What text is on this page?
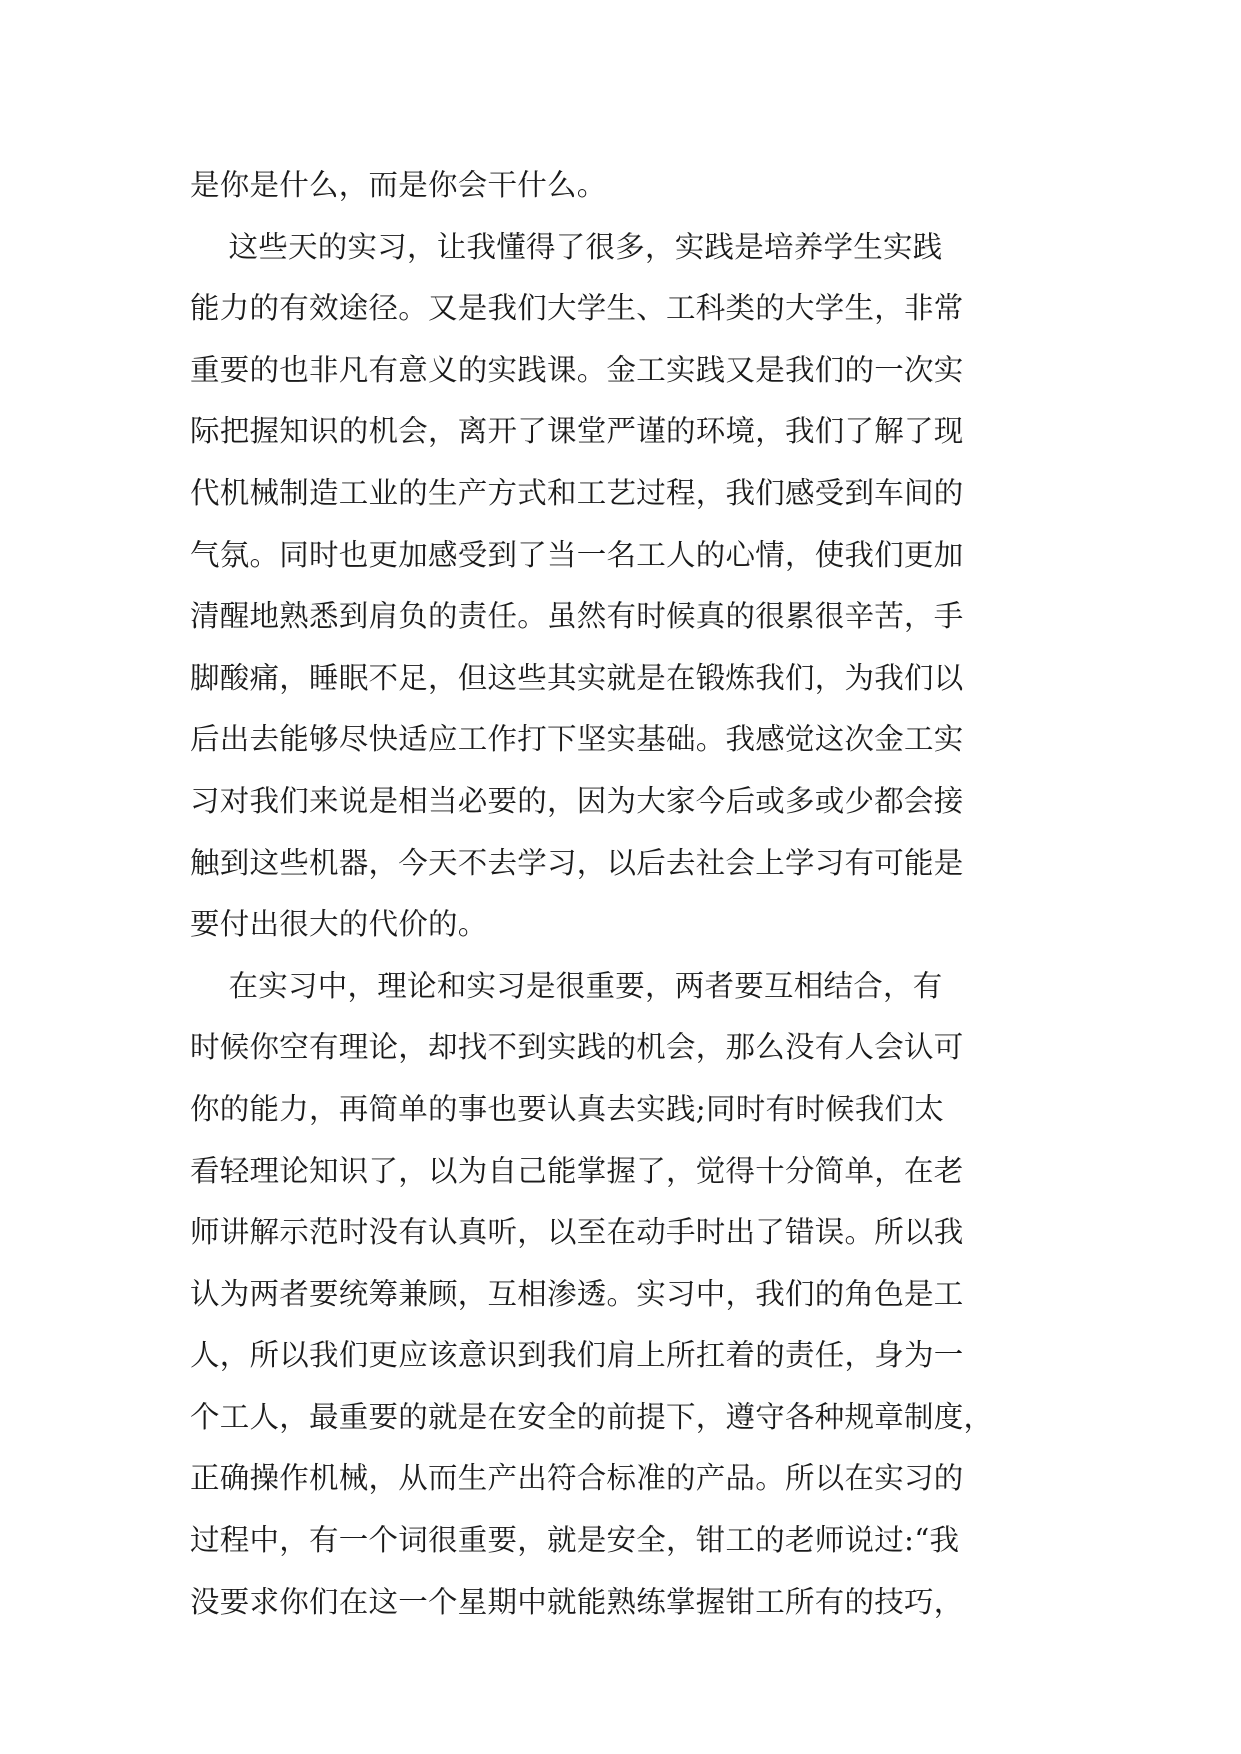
是你是什么，而是你会干什么。
这些天的实习，让我懂得了很多，实践是培养学生实践
能力的有效途径。又是我们大学生、工科类的大学生，非常
重要的也非凡有意义的实践课。金工实践又是我们的一次实
际把握知识的机会，离开了课堂严谨的环境，我们了解了现
代机械制造工业的生产方式和工艺过程，我们感受到车间的
气氛。同时也更加感受到了当一名工人的心情，使我们更加
清醒地熟悉到肩负的责任。虽然有时候真的很累很辛苦，手
脚酸痛，睡眠不足，但这些其实就是在锻炼我们，为我们以
后出去能够尽快适应工作打下坚实基础。我感觉这次金工实
习对我们来说是相当必要的，因为大家今后或多或少都会接
触到这些机器，今天不去学习，以后去社会上学习有可能是
要付出很大的代价的。
在实习中，理论和实习是很重要，两者要互相结合，有
时候你空有理论，却找不到实践的机会，那么没有人会认可
你的能力，再简单的事也要认真去实践;同时有时候我们太
看轻理论知识了，以为自己能掌握了，觉得十分简单，在老
师讲解示范时没有认真听，以至在动手时出了错误。所以我
认为两者要统筹兼顾，互相渗透。实习中，我们的角色是工
人，所以我们更应该意识到我们肩上所扛着的责任，身为一
个工人，最重要的就是在安全的前提下，遵守各种规章制度，
正确操作机械，从而生产出符合标准的产品。所以在实习的
过程中，有一个词很重要，就是安全，钳工的老师说过:“我
没要求你们在这一个星期中就能熟练掌握钳工所有的技巧，
